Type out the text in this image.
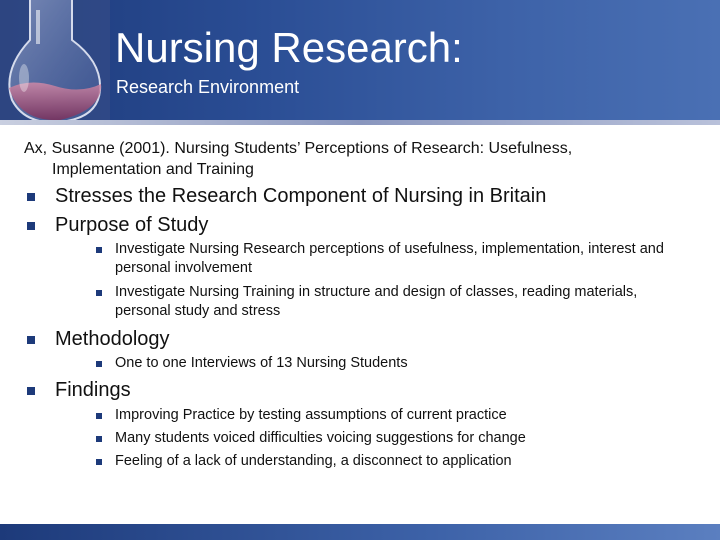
Nursing Research:
Research Environment

Ax, Susanne (2001). Nursing Students’ Perceptions of Research: Usefulness,
Implementation and Training

Stresses the Research Component of Nursing in Britain
Purpose of Study
Investigate Nursing Research perceptions of usefulness, implementation, interest and personal involvement
Investigate Nursing Training in structure and design of classes, reading materials, personal study and stress
Methodology
One to one Interviews of 13 Nursing Students
Findings
Improving Practice by testing assumptions of current practice
Many students voiced difficulties voicing suggestions for change
Feeling of a lack of understanding, a disconnect to application
